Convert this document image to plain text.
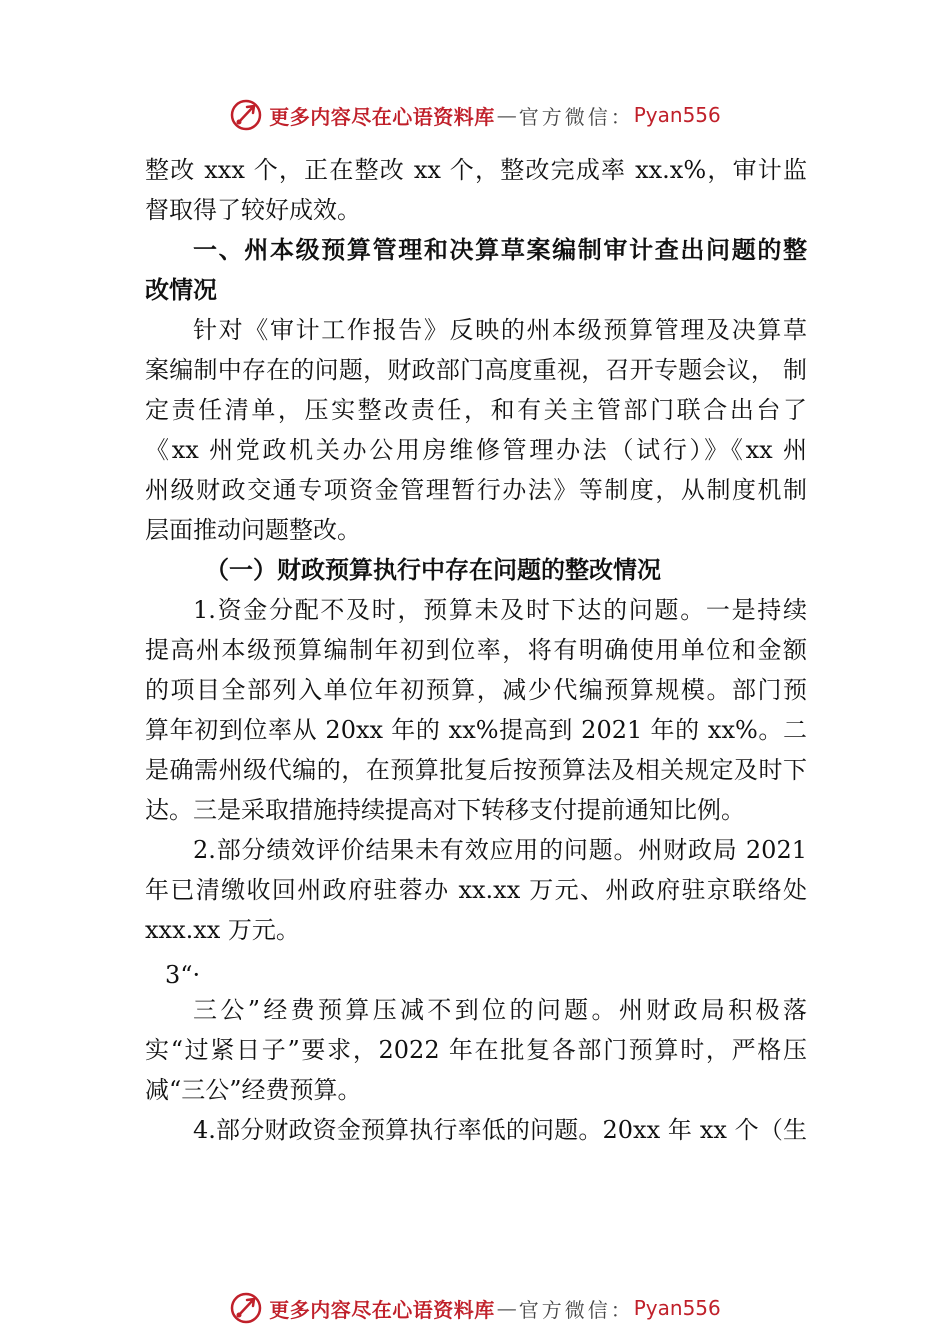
更多内容尽在心语资料库 — 官方微信： Pyan556
整改 xxx 个，正在整改 xx 个，整改完成率 xx.x%，审计监
督取得了较好成效。
一、州本级预算管理和决算草案编制审计查出问题的整
改情况
针对《审计工作报告》反映的州本级预算管理及决算草
案编制中存在的问题，财政部门高度重视，召开专题会议， 制
定责任清单，压实整改责任，和有关主管部门联合出台了
《xx 州党政机关办公用房维修管理办法（试行）》《xx 州
州级财政交通专项资金管理暂行办法》等制度，从制度机制
层面推动问题整改。
（一）财政预算执行中存在问题的整改情况
1.资金分配不及时，预算未及时下达的问题。一是持续
提高州本级预算编制年初到位率，将有明确使用单位和金额
的项目全部列入单位年初预算，减少代编预算规模。部门预
算年初到位率从 20xx 年的 xx%提高到 2021 年的 xx%。二
是确需州级代编的，在预算批复后按预算法及相关规定及时下
达。三是采取措施持续提高对下转移支付提前通知比例。
2.部分绩效评价结果未有效应用的问题。州财政局 2021
年已清缴收回州政府驻蓉办 xx.xx 万元、州政府驻京联络处
xxx.xx 万元。
3“·
三公”经费预算压减不到位的问题。州财政局积极落
实“过紧日子”要求，2022 年在批复各部门预算时，严格压
减“三公”经费预算。
4.部分财政资金预算执行率低的问题。20xx 年 xx 个（生
更多内容尽在心语资料库 — 官方微信： Pyan556
